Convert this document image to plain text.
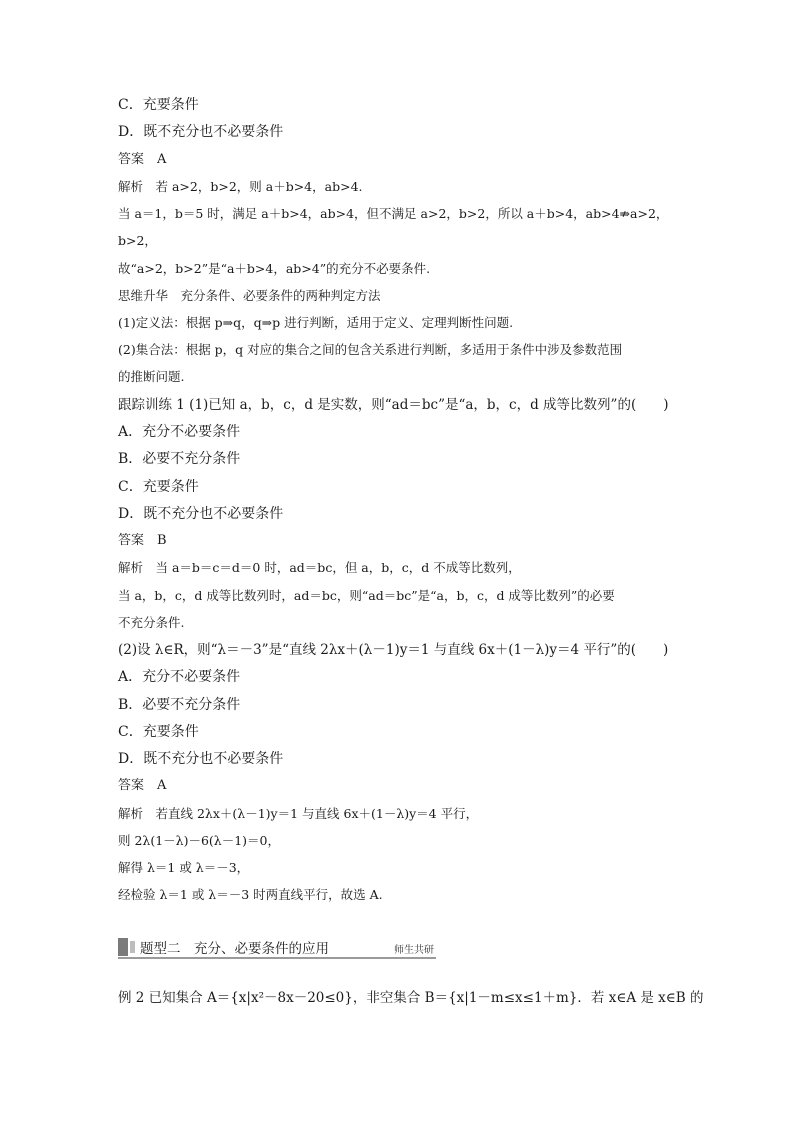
C．充要条件
D．既不充分也不必要条件
答案　A
解析　若 a>2，b>2，则 a＋b>4，ab>4.
当 a＝1，b＝5 时，满足 a＋b>4，ab>4，但不满足 a>2，b>2，所以 a＋b>4，ab>4⇏a>2，
b>2，
故“a>2，b>2”是“a＋b>4，ab>4”的充分不必要条件.
思维升华　充分条件、必要条件的两种判定方法
(1)定义法：根据 p⇒q，q⇒p 进行判断，适用于定义、定理判断性问题.
(2)集合法：根据 p，q 对应的集合之间的包含关系进行判断，多适用于条件中涉及参数范围
的推断问题.
跟踪训练 1 (1)已知 a，b，c，d 是实数，则“ad＝bc”是“a，b，c，d 成等比数列”的(　　)
A．充分不必要条件
B．必要不充分条件
C．充要条件
D．既不充分也不必要条件
答案　B
解析　当 a＝b＝c＝d＝0 时，ad＝bc，但 a，b，c，d 不成等比数列，
当 a，b，c，d 成等比数列时，ad＝bc，则“ad＝bc”是“a，b，c，d 成等比数列”的必要
不充分条件.
(2)设 λ∈R，则“λ＝－3”是“直线 2λx＋(λ－1)y＝1 与直线 6x＋(1－λ)y＝4 平行”的(　　)
A．充分不必要条件
B．必要不充分条件
C．充要条件
D．既不充分也不必要条件
答案　A
解析　若直线 2λx＋(λ－1)y＝1 与直线 6x＋(1－λ)y＝4 平行，
则 2λ(1－λ)－6(λ－1)＝0，
解得 λ＝1 或 λ＝－3，
经检验 λ＝1 或 λ＝－3 时两直线平行，故选 A.
题型二　充分、必要条件的应用	师生共研
例 2 已知集合 A＝{x|x²－8x－20≤0}，非空集合 B＝{x|1－m≤x≤1＋m}．若 x∈A 是 x∈B 的
